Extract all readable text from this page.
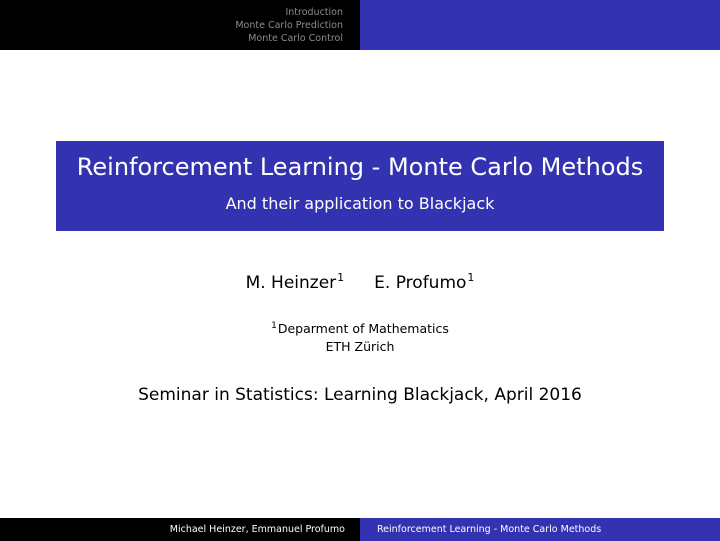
Introduction
Monte Carlo Prediction
Monte Carlo Control
Reinforcement Learning - Monte Carlo Methods
And their application to Blackjack
M. Heinzer$^1$ E. Profumo$^1$
$^1$Deparment of Mathematics
ETH Zürich
Seminar in Statistics: Learning Blackjack, April 2016
Michael Heinzer, Emmanuel Profumo	Reinforcement Learning - Monte Carlo Methods
